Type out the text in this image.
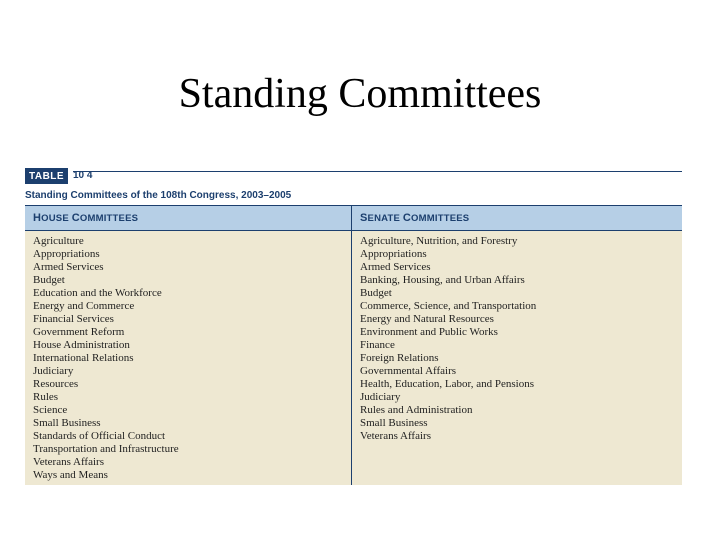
Standing Committees
TABLE 10 4
Standing Committees of the 108th Congress, 2003–2005
HOUSE COMMITTEES
Agriculture
Appropriations
Armed Services
Budget
Education and the Workforce
Energy and Commerce
Financial Services
Government Reform
House Administration
International Relations
Judiciary
Resources
Rules
Science
Small Business
Standards of Official Conduct
Transportation and Infrastructure
Veterans Affairs
Ways and Means
SENATE COMMITTEES
Agriculture, Nutrition, and Forestry
Appropriations
Armed Services
Banking, Housing, and Urban Affairs
Budget
Commerce, Science, and Transportation
Energy and Natural Resources
Environment and Public Works
Finance
Foreign Relations
Governmental Affairs
Health, Education, Labor, and Pensions
Judiciary
Rules and Administration
Small Business
Veterans Affairs
